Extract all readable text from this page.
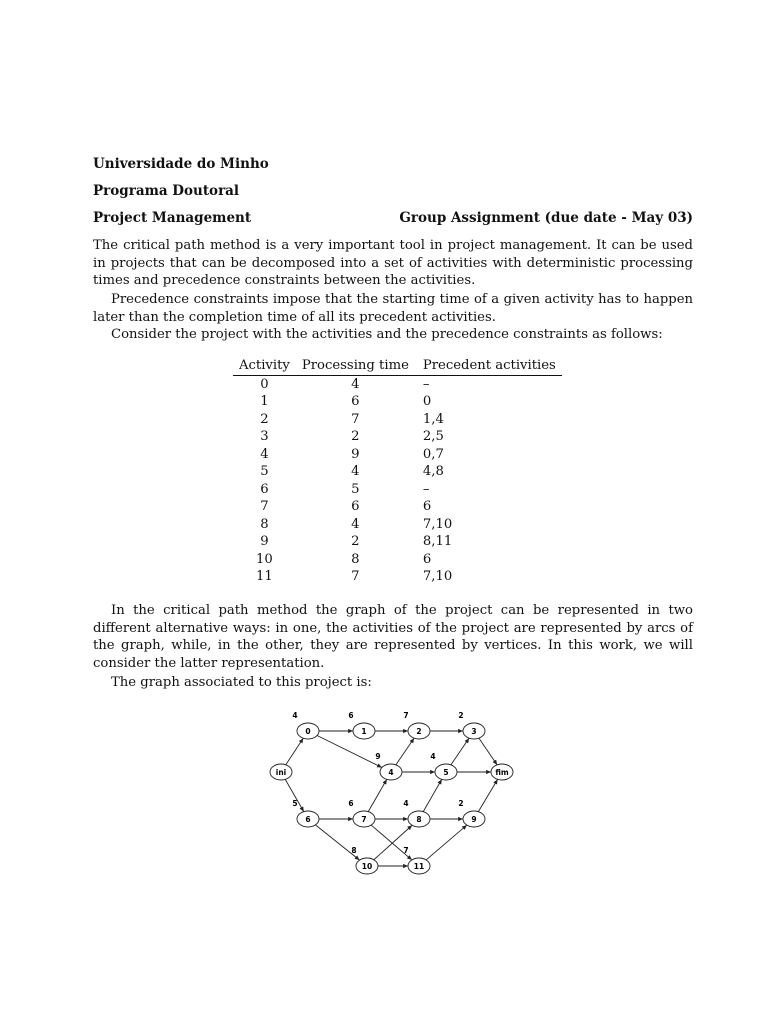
Universidade do Minho
Programa Doutoral
Project Management	Group Assignment (due date - May 03)

The critical path method is a very important tool in project management. It can be used in projects that can be decomposed into a set of activities with deterministic processing times and precedence constraints between the activities.

Precedence constraints impose that the starting time of a given activity has to happen later than the completion time of all its precedent activities.

Consider the project with the activities and the precedence constraints as follows:

Activity	Processing time	Precedent activities
0	4	–
1	6	0
2	7	1,4
3	2	2,5
4	9	0,7
5	4	4,8
6	5	–
7	6	6
8	4	7,10
9	2	8,11
10	8	6
11	7	7,10

In the critical path method the graph of the project can be represented in two different alternative ways: in one, the activities of the project are represented by arcs of the graph, while, in the other, they are represented by vertices. In this work, we will consider the latter representation.

The graph associated to this project is:

ini
0
4
1
6
2
7
3
2
4
9
5
4
fim
6
5
7
6
8
4
9
2
10
8
11
7
